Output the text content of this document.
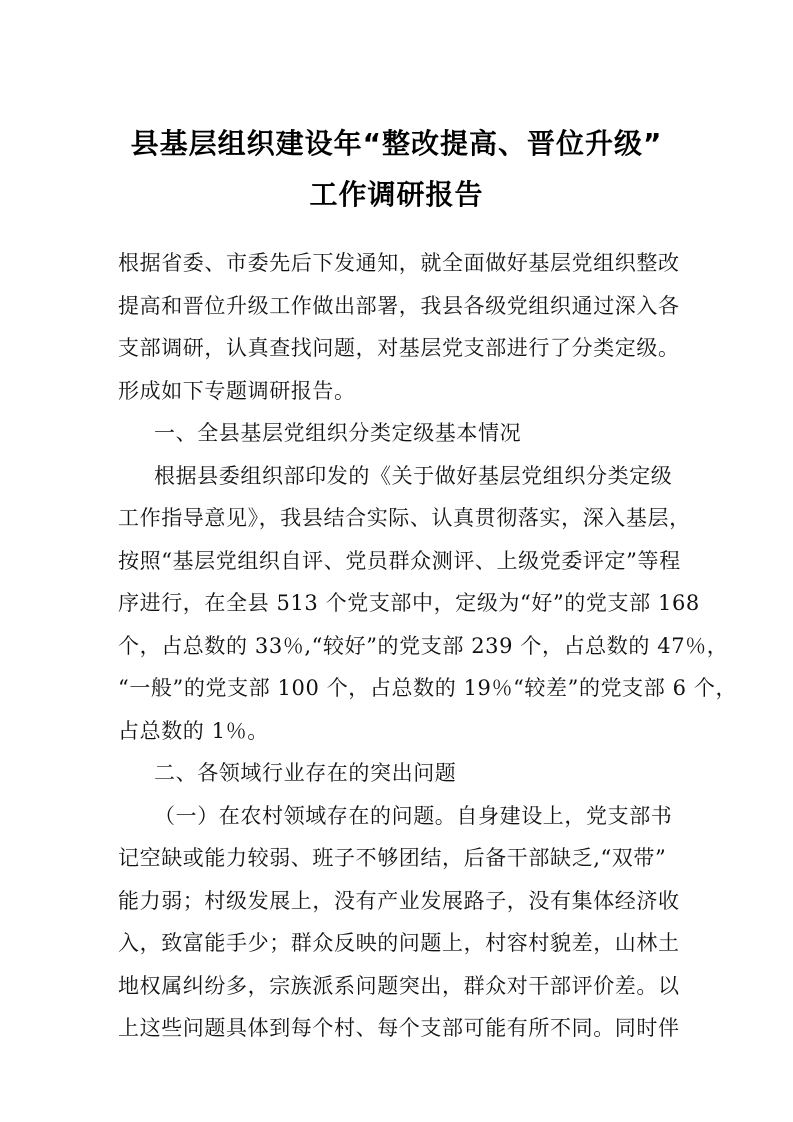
县基层组织建设年“整改提高、晋位升级”
工作调研报告
根据省委、市委先后下发通知，就全面做好基层党组织整改
提高和晋位升级工作做出部署，我县各级党组织通过深入各
支部调研，认真查找问题，对基层党支部进行了分类定级。
形成如下专题调研报告。
一、全县基层党组织分类定级基本情况
根据县委组织部印发的《关于做好基层党组织分类定级
工作指导意见》，我县结合实际、认真贯彻落实，深入基层，
按照“基层党组织自评、党员群众测评、上级党委评定”等程
序进行，在全县 513 个党支部中，定级为“好”的党支部 168
个，占总数的 33％,“较好”的党支部 239 个，占总数的 47％，
“一般”的党支部 100 个，占总数的 19％“较差”的党支部 6 个，
占总数的 1％。
二、各领域行业存在的突出问题
（一）在农村领域存在的问题。自身建设上，党支部书
记空缺或能力较弱、班子不够团结，后备干部缺乏,“双带”
能力弱；村级发展上，没有产业发展路子，没有集体经济收
入，致富能手少；群众反映的问题上，村容村貌差，山林土
地权属纠纷多，宗族派系问题突出，群众对干部评价差。以
上这些问题具体到每个村、每个支部可能有所不同。同时伴
